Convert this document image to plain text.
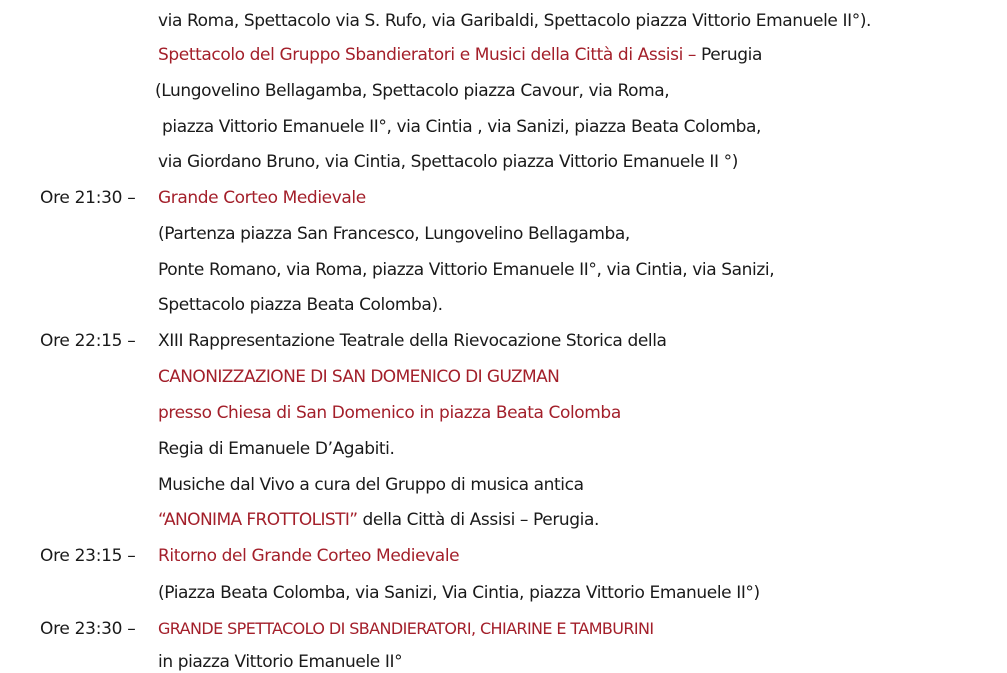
via Roma, Spettacolo via S. Rufo, via Garibaldi, Spettacolo piazza Vittorio Emanuele II°).
Spettacolo del Gruppo Sbandieratori e Musici della Città di Assisi – Perugia
(Lungovelino Bellagamba, Spettacolo piazza Cavour, via Roma,
piazza Vittorio Emanuele II°, via Cintia , via Sanizi, piazza Beata Colomba,
via Giordano Bruno, via Cintia, Spettacolo piazza Vittorio Emanuele II °)
Ore 21:30 – Grande Corteo Medievale
(Partenza piazza San Francesco, Lungovelino Bellagamba,
Ponte Romano, via Roma, piazza Vittorio Emanuele II°, via Cintia, via Sanizi,
Spettacolo piazza Beata Colomba).
Ore 22:15 – XIII Rappresentazione Teatrale della Rievocazione Storica della
CANONIZZAZIONE DI SAN DOMENICO DI GUZMAN
presso Chiesa di San Domenico in piazza Beata Colomba
Regia di Emanuele D’Agabiti.
Musiche dal Vivo a cura del Gruppo di musica antica
“ANONIMA FROTTOLISTI” della Città di Assisi – Perugia.
Ore 23:15 – Ritorno del Grande Corteo Medievale
(Piazza Beata Colomba, via Sanizi, Via Cintia, piazza Vittorio Emanuele II°)
Ore 23:30 – GRANDE SPETTACOLO DI SBANDIERATORI, CHIARINE E TAMBURINI
in piazza Vittorio Emanuele II°
